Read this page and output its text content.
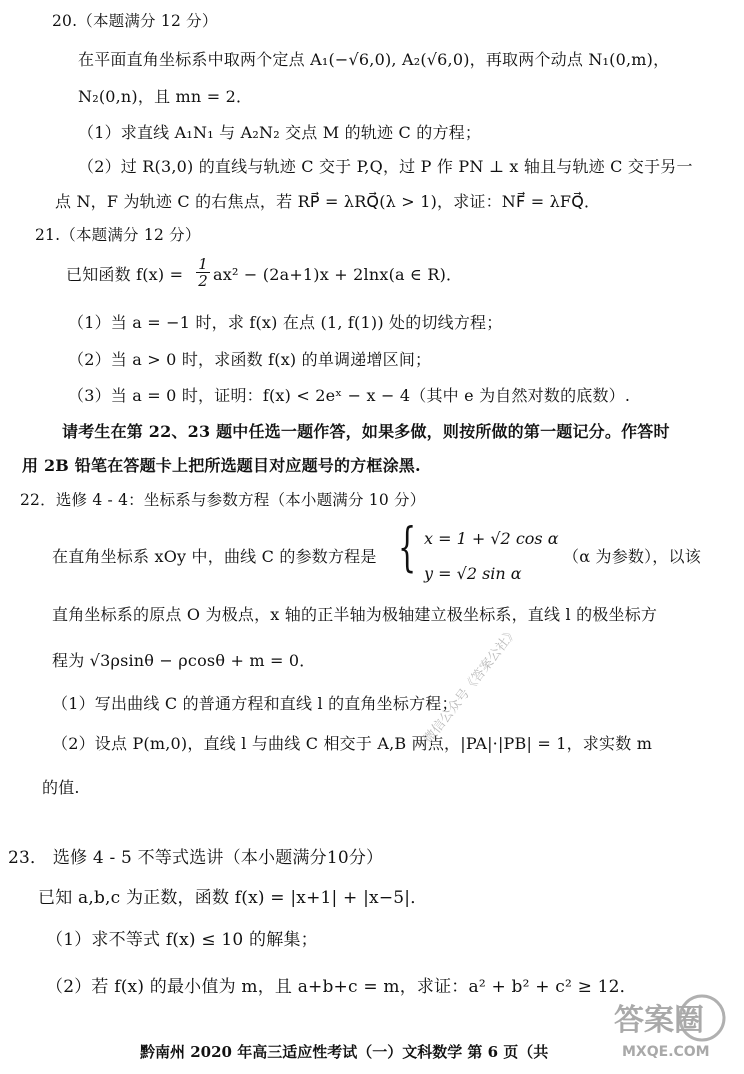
20.（本题满分 12 分）
在平面直角坐标系中取两个定点 A₁(−√6,0), A₂(√6,0)，再取两个动点 N₁(0,m)，
N₂(0,n)，且 mn = 2．
（1）求直线 A₁N₁ 与 A₂N₂ 交点 M 的轨迹 C 的方程；
（2）过 R(3,0) 的直线与轨迹 C 交于 P,Q，过 P 作 PN ⊥ x 轴且与轨迹 C 交于另一
点 N，F 为轨迹 C 的右焦点，若 RP⃗ = λRQ⃗(λ > 1)，求证：NF⃗ = λFQ⃗．
21.（本题满分 12 分）
已知函数 $f(x) = \frac{1}{2} ax^2 - (2a+1)x + 2\ln x(a$ ∈ R)．
（1）当 a = −1 时，求 f(x) 在点 (1, f(1)) 处的切线方程；
（2）当 a > 0 时，求函数 f(x) 的单调递增区间；
（3）当 a = 0 时，证明：f(x) < 2eˣ − x − 4（其中 e 为自然对数的底数）.
请考生在第 22、23 题中任选一题作答，如果多做，则按所做的第一题记分。作答时
用 2B 铅笔在答题卡上把所选题目对应题号的方框涂黑.
22．选修 4 - 4：坐标系与参数方程（本小题满分 10 分）
在直角坐标系 xOy 中，曲线 C 的参数方程是 { x = 1 + √2 cos α
y = √2 sin α
（α 为参数），以该
直角坐标系的原点 O 为极点，x 轴的正半轴为极轴建立极坐标系，直线 l 的极坐标方
程为 √3ρsinθ − ρcosθ + m = 0．
（1）写出曲线 C 的普通方程和直线 l 的直角坐标方程；
（2）设点 P(m,0)，直线 l 与曲线 C 相交于 A,B 两点，|PA|·|PB| = 1，求实数 m
的值.
23． 选修 4 - 5 不等式选讲（本小题满分10分）
已知 a,b,c 为正数，函数 f(x) = |x+1| + |x−5|．
（1）求不等式 f(x) ≤ 10 的解集；
（2）若 f(x) 的最小值为 m，且 a+b+c = m，求证：a² + b² + c² ≥ 12．
黔南州 2020 年高三适应性考试（一）文科数学 第 6 页（共
微信公众号《答案公社》
答案圈
MXQE.COM
